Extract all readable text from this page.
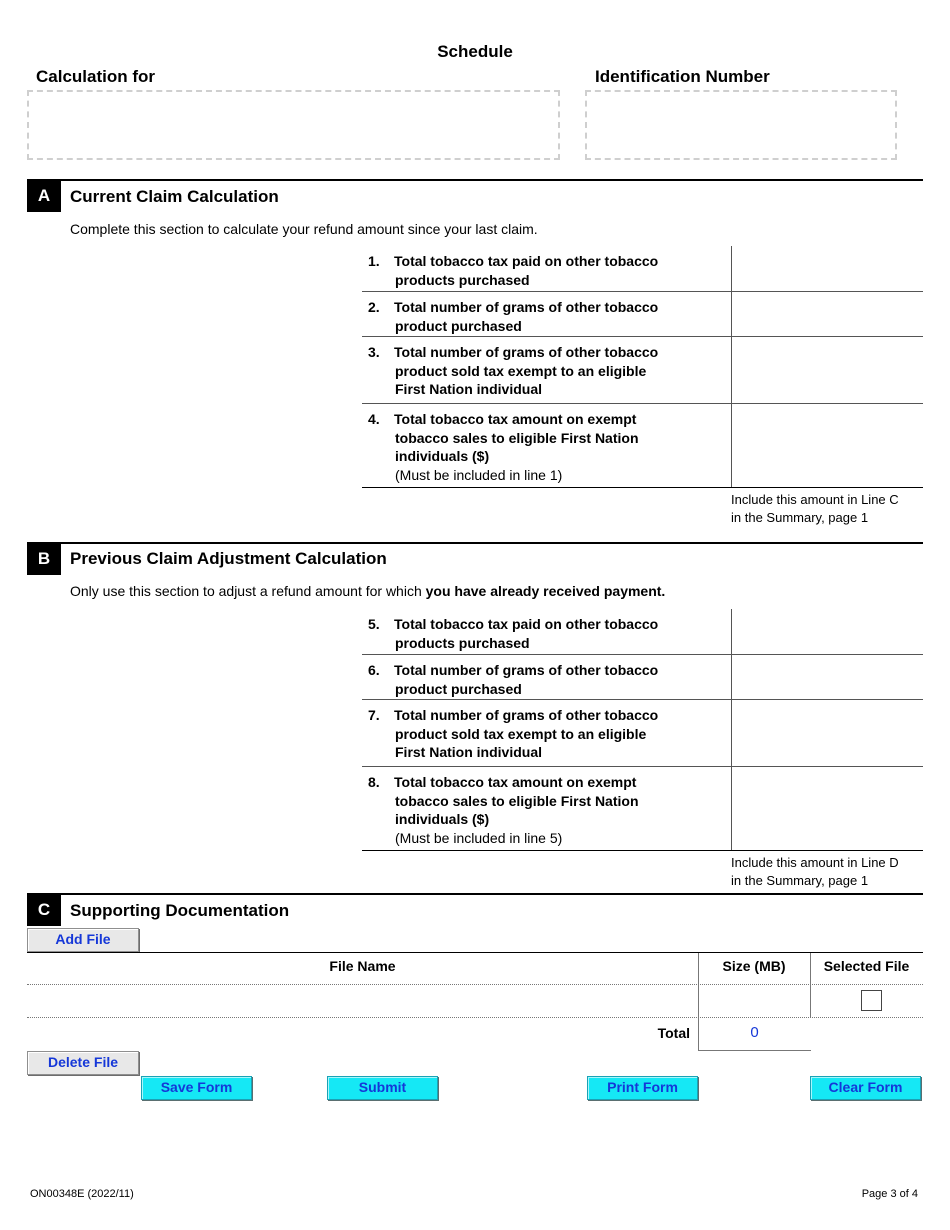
Schedule
Calculation for	Identification Number
A	Current Claim Calculation
Complete this section to calculate your refund amount since your last claim.
1. Total tobacco tax paid on other tobacco
products purchased
2. Total number of grams of other tobacco
product purchased
3. Total number of grams of other tobacco
product sold tax exempt to an eligible
First Nation individual
4. Total tobacco tax amount on exempt
tobacco sales to eligible First Nation
individuals ($)
(Must be included in line 1)
Include this amount in Line C
in the Summary, page 1
B	Previous Claim Adjustment Calculation
Only use this section to adjust a refund amount for which you have already received payment.
5. Total tobacco tax paid on other tobacco
products purchased
6. Total number of grams of other tobacco
product purchased
7. Total number of grams of other tobacco
product sold tax exempt to an eligible
First Nation individual
8. Total tobacco tax amount on exempt
tobacco sales to eligible First Nation
individuals ($)
(Must be included in line 5)
Include this amount in Line D
in the Summary, page 1
C	Supporting Documentation
Add File
File Name	Size (MB)	Selected File
Total	0
Delete File
Save Form	Submit	Print Form	Clear Form
ON00348E (2022/11)	Page 3 of 4
